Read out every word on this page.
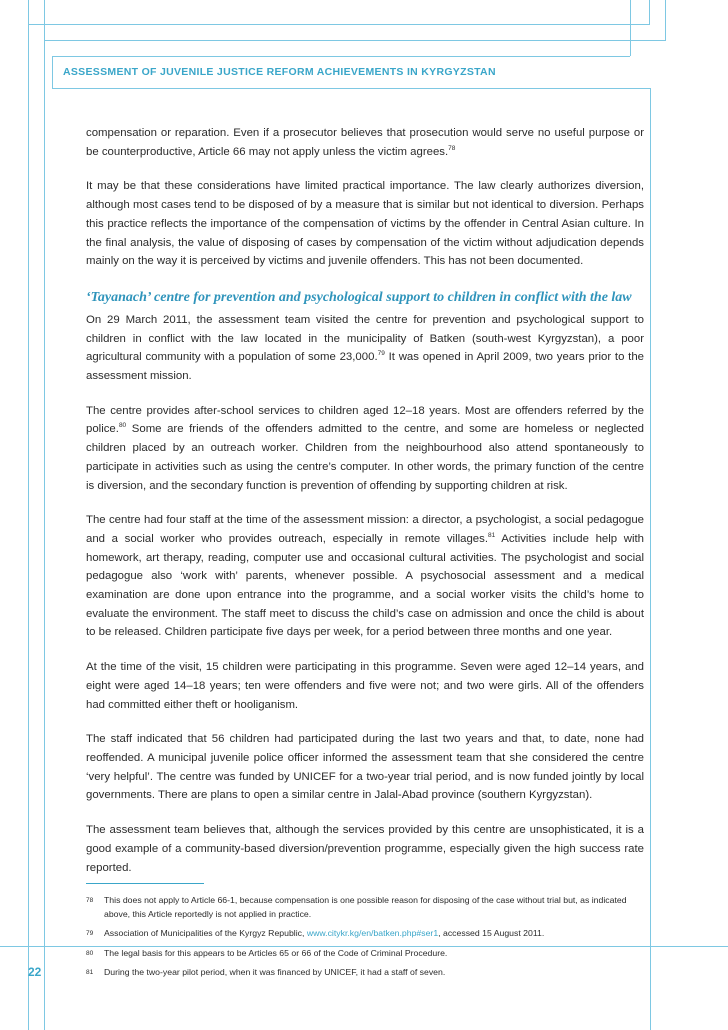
ASSESSMENT OF JUVENILE JUSTICE REFORM ACHIEVEMENTS IN KYRGYZSTAN

compensation or reparation. Even if a prosecutor believes that prosecution would serve no useful purpose or be counterproductive, Article 66 may not apply unless the victim agrees.$^{78}$

It may be that these considerations have limited practical importance. The law clearly authorizes diversion, although most cases tend to be disposed of by a measure that is similar but not identical to diversion. Perhaps this practice reflects the importance of the compensation of victims by the offender in Central Asian culture. In the final analysis, the value of disposing of cases by compensation of the victim without adjudication depends mainly on the way it is perceived by victims and juvenile offenders. This has not been documented.

‘Tayanach’ centre for prevention and psychological support to children in conflict with the law

On 29 March 2011, the assessment team visited the centre for prevention and psychological support to children in conflict with the law located in the municipality of Batken (south-west Kyrgyzstan), a poor agricultural community with a population of some 23,000.79 It was opened in April 2009, two years prior to the assessment mission.

The centre provides after-school services to children aged 12–18 years. Most are offenders referred by the police.$^{80}$ Some are friends of the offenders admitted to the centre, and some are homeless or neglected children placed by an outreach worker. Children from the neighbourhood also attend spontaneously to participate in activities such as using the centre’s computer. In other words, the primary function of the centre is diversion, and the secondary function is prevention of offending by supporting children at risk.

The centre had four staff at the time of the assessment mission: a director, a psychologist, a social pedagogue and a social worker who provides outreach, especially in remote villages.$^{81}$ Activities include help with homework, art therapy, reading, computer use and occasional cultural activities. The psychologist and social pedagogue also ‘work with’ parents, whenever possible. A psychosocial assessment and a medical examination are done upon entrance into the programme, and a social worker visits the child’s home to evaluate the environment. The staff meet to discuss the child’s case on admission and once the child is about to be released. Children participate five days per week, for a period between three months and one year.

At the time of the visit, 15 children were participating in this programme. Seven were aged 12–14 years, and eight were aged 14–18 years; ten were offenders and five were not; and two were girls. All of the offenders had committed either theft or hooliganism.

The staff indicated that 56 children had participated during the last two years and that, to date, none had reoffended. A municipal juvenile police officer informed the assessment team that she considered the centre ‘very helpful’. The centre was funded by UNICEF for a two-year trial period, and is now funded jointly by local governments. There are plans to open a similar centre in Jalal-Abad province (southern Kyrgyzstan).

The assessment team believes that, although the services provided by this centre are unsophisticated, it is a good example of a community-based diversion/prevention programme, especially given the high success rate reported.

78	This does not apply to Article 66-1, because compensation is one possible reason for disposing of the case without trial but, as indicated above, this Article reportedly is not applied in practice.
79	Association of Municipalities of the Kyrgyz Republic, www.citykr.kg/en/batken.php#ser1, accessed 15 August 2011.
80	The legal basis for this appears to be Articles 65 or 66 of the Code of Criminal Procedure.
81	During the two-year pilot period, when it was financed by UNICEF, it had a staff of seven.
22
